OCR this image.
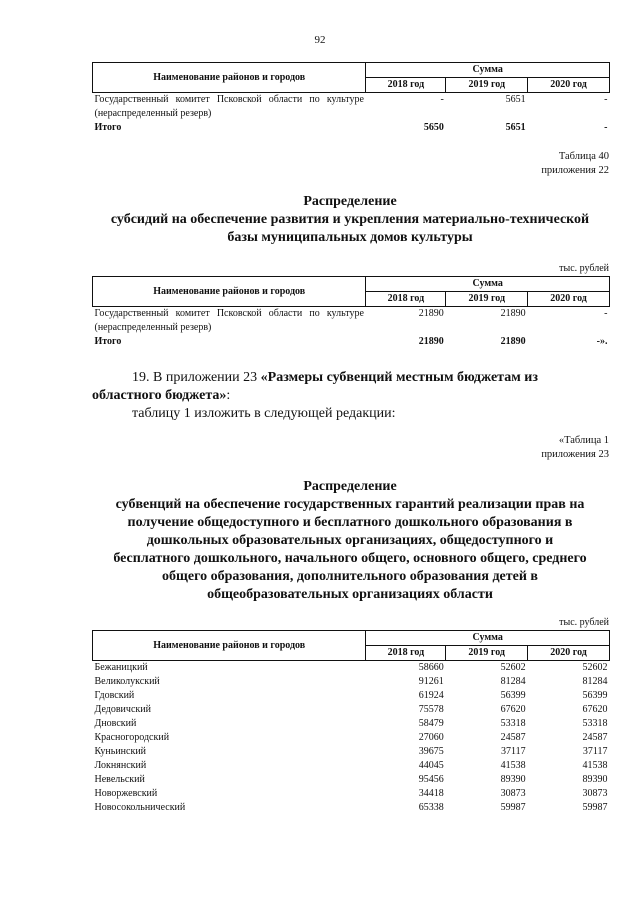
92
Наименование районов и городов	Сумма		
	2018 год	2019 год	2020 год
Государственный комитет Псковской области по культуре (нераспределенный резерв)	-	5651	-
Итого	5650	5651	-
Таблица 40
приложения 22
Распределение
субсидий на обеспечение развития и укрепления материально-технической
базы муниципальных домов культуры
тыс. рублей
Наименование районов и городов	Сумма		
	2018 год	2019 год	2020 год
Государственный комитет Псковской области по культуре (нераспределенный резерв)	21890	21890	-
Итого	21890	21890	-».
19. В приложении 23 «Размеры субвенций местным бюджетам из
областного бюджета»:
таблицу 1 изложить в следующей редакции:
«Таблица 1
приложения 23
Распределение
субвенций на обеспечение государственных гарантий реализации прав на
получение общедоступного и бесплатного дошкольного образования в
дошкольных образовательных организациях, общедоступного и
бесплатного дошкольного, начального общего, основного общего, среднего
общего образования, дополнительного образования детей в
общеобразовательных организациях области
тыс. рублей
Наименование районов и городов	Сумма		
	2018 год	2019 год	2020 год
Бежаницкий	58660	52602	52602
Великолукский	91261	81284	81284
Гдовский	61924	56399	56399
Дедовичский	75578	67620	67620
Дновский	58479	53318	53318
Красногородский	27060	24587	24587
Куньинский	39675	37117	37117
Локнянский	44045	41538	41538
Невельский	95456	89390	89390
Новоржевский	34418	30873	30873
Новосокольнический	65338	59987	59987
